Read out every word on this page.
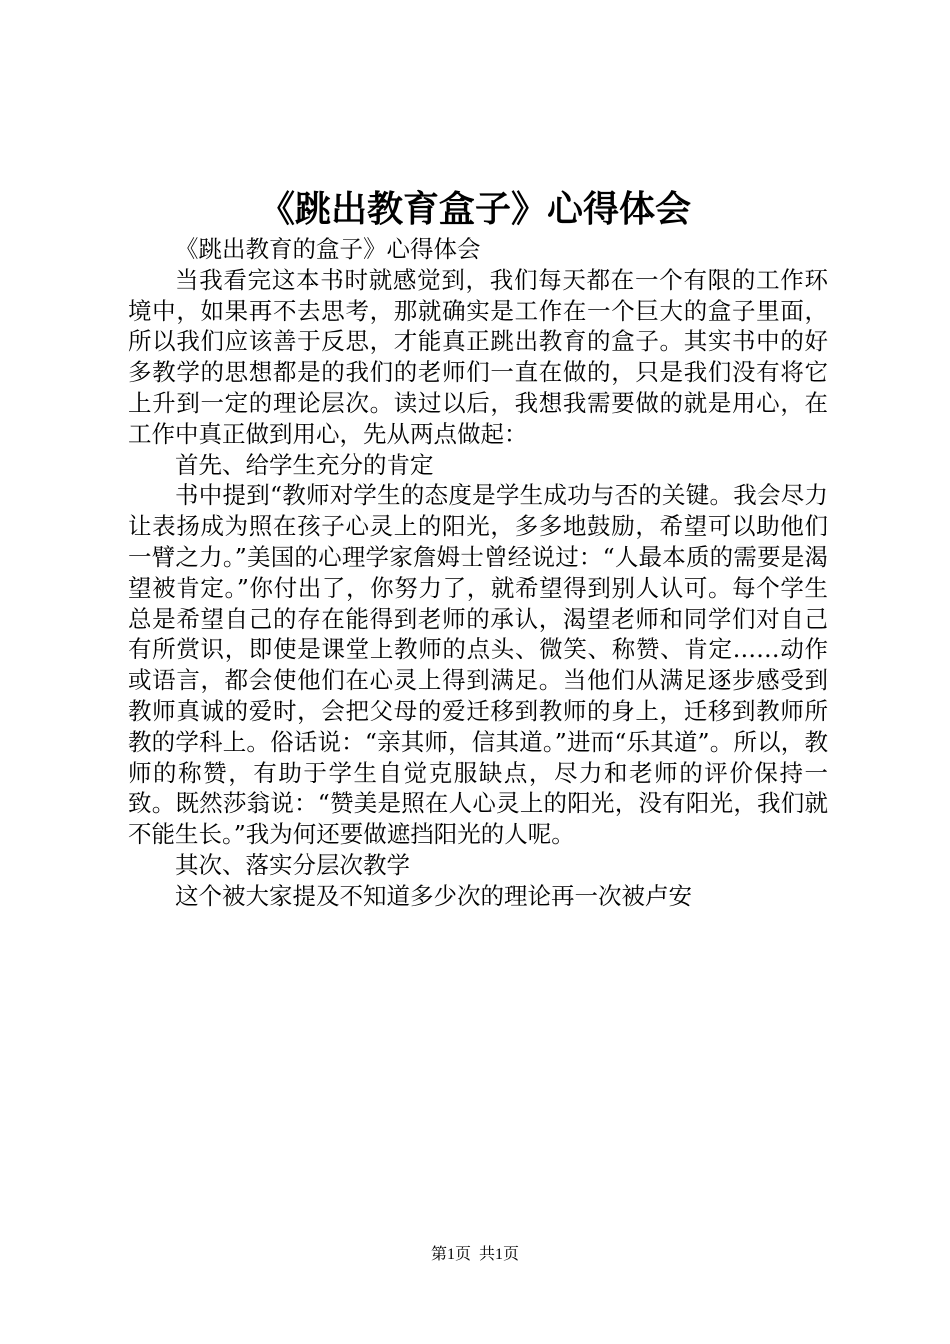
《跳出教育盒子》心得体会

《跳出教育的盒子》心得体会

当我看完这本书时就感觉到，我们每天都在一个有限的工作环境中，如果再不去思考，那就确实是工作在一个巨大的盒子里面，所以我们应该善于反思，才能真正跳出教育的盒子。其实书中的好多教学的思想都是的我们的老师们一直在做的，只是我们没有将它上升到一定的理论层次。读过以后，我想我需要做的就是用心，在工作中真正做到用心，先从两点做起：

首先、给学生充分的肯定

书中提到“教师对学生的态度是学生成功与否的关键。我会尽力让表扬成为照在孩子心灵上的阳光，多多地鼓励，希望可以助他们一臂之力。”美国的心理学家詹姆士曾经说过：“人最本质的需要是渴望被肯定。”你付出了，你努力了，就希望得到别人认可。每个学生总是希望自己的存在能得到老师的承认，渴望老师和同学们对自己有所赏识，即使是课堂上教师的点头、微笑、称赞、肯定……动作或语言，都会使他们在心灵上得到满足。当他们从满足逐步感受到教师真诚的爱时，会把父母的爱迁移到教师的身上，迁移到教师所教的学科上。俗话说：“亲其师，信其道。”进而“乐其道”。所以，教师的称赞，有助于学生自觉克服缺点，尽力和老师的评价保持一致。既然莎翁说：“赞美是照在人心灵上的阳光，没有阳光，我们就不能生长。”我为何还要做遮挡阳光的人呢。

其次、落实分层次教学

这个被大家提及不知道多少次的理论再一次被卢安

第1页 共1页
